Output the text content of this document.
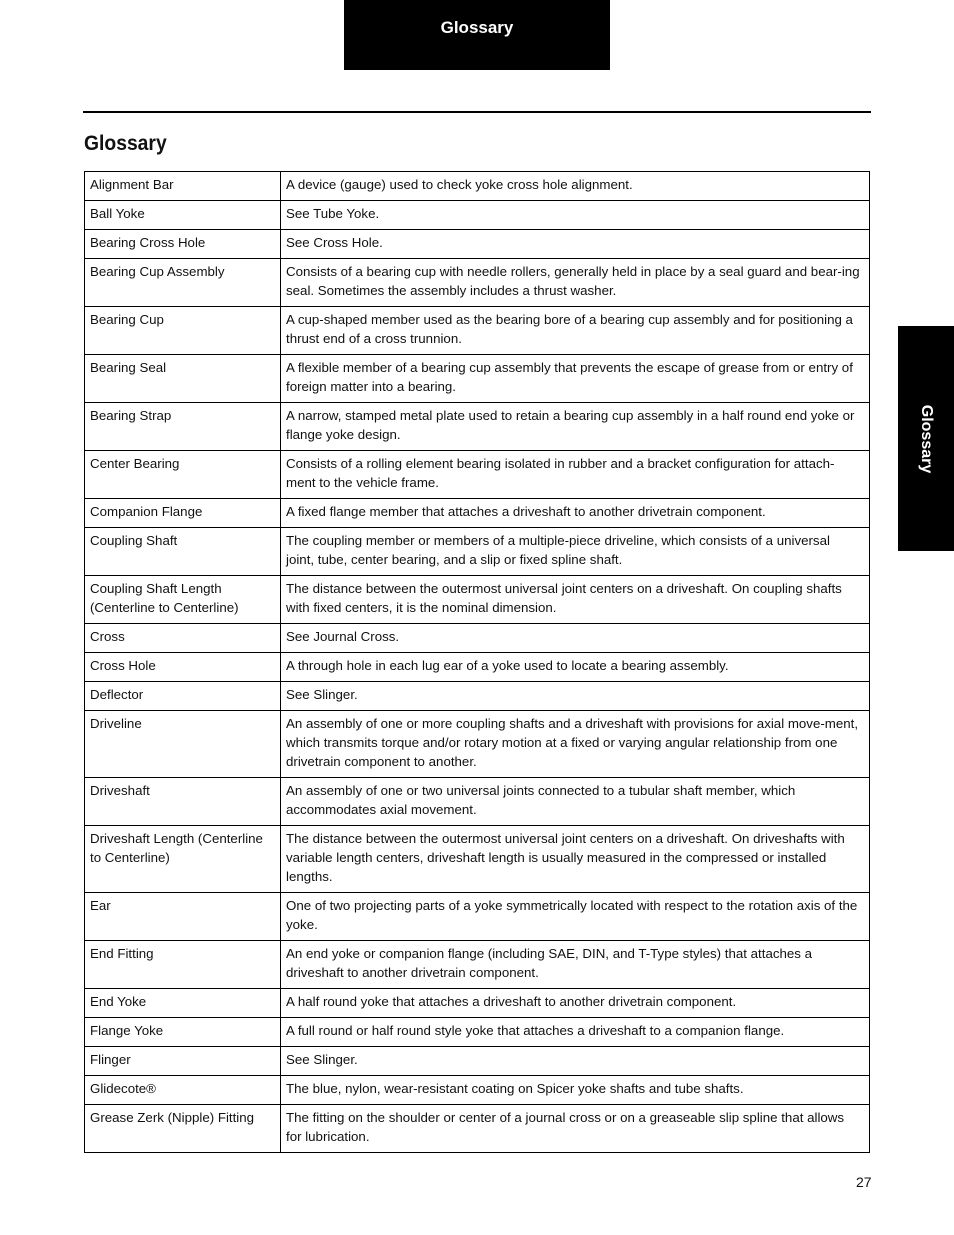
Glossary
Glossary
Glossary
Alignment Bar	A device (gauge) used to check yoke cross hole alignment.
Ball Yoke	See Tube Yoke.
Bearing Cross Hole	See Cross Hole.
Bearing Cup Assembly	Consists of a bearing cup with needle rollers, generally held in place by a seal guard and bear-ing seal. Sometimes the assembly includes a thrust washer.
Bearing Cup	A cup-shaped member used as the bearing bore of a bearing cup assembly and for positioning a thrust end of a cross trunnion.
Bearing Seal	A flexible member of a bearing cup assembly that prevents the escape of grease from or entry of foreign matter into a bearing.
Bearing Strap	A narrow, stamped metal plate used to retain a bearing cup assembly in a half round end yoke or flange yoke design.
Center Bearing	Consists of a rolling element bearing isolated in rubber and a bracket configuration for attach-ment to the vehicle frame.
Companion Flange	A fixed flange member that attaches a driveshaft to another drivetrain component.
Coupling Shaft	The coupling member or members of a multiple-piece driveline, which consists of a universal joint, tube, center bearing, and a slip or fixed spline shaft.
Coupling Shaft Length (Centerline to Centerline)	The distance between the outermost universal joint centers on a driveshaft. On coupling shafts with fixed centers, it is the nominal dimension.
Cross	See Journal Cross.
Cross Hole	A through hole in each lug ear of a yoke used to locate a bearing assembly.
Deflector	See Slinger.
Driveline	An assembly of one or more coupling shafts and a driveshaft with provisions for axial move-ment, which transmits torque and/or rotary motion at a fixed or varying angular relationship from one drivetrain component to another.
Driveshaft	An assembly of one or two universal joints connected to a tubular shaft member, which accommodates axial movement.
Driveshaft Length (Centerline to Centerline)	The distance between the outermost universal joint centers on a driveshaft. On driveshafts with variable length centers, driveshaft length is usually measured in the compressed or installed lengths.
Ear	One of two projecting parts of a yoke symmetrically located with respect to the rotation axis of the yoke.
End Fitting	An end yoke or companion flange (including SAE, DIN, and T-Type styles) that attaches a driveshaft to another drivetrain component.
End Yoke	A half round yoke that attaches a driveshaft to another drivetrain component.
Flange Yoke	A full round or half round style yoke that attaches a driveshaft to a companion flange.
Flinger	See Slinger.
Glidecote®	The blue, nylon, wear-resistant coating on Spicer yoke shafts and tube shafts.
Grease Zerk (Nipple) Fitting	The fitting on the shoulder or center of a journal cross or on a greaseable slip spline that allows for lubrication.
27
